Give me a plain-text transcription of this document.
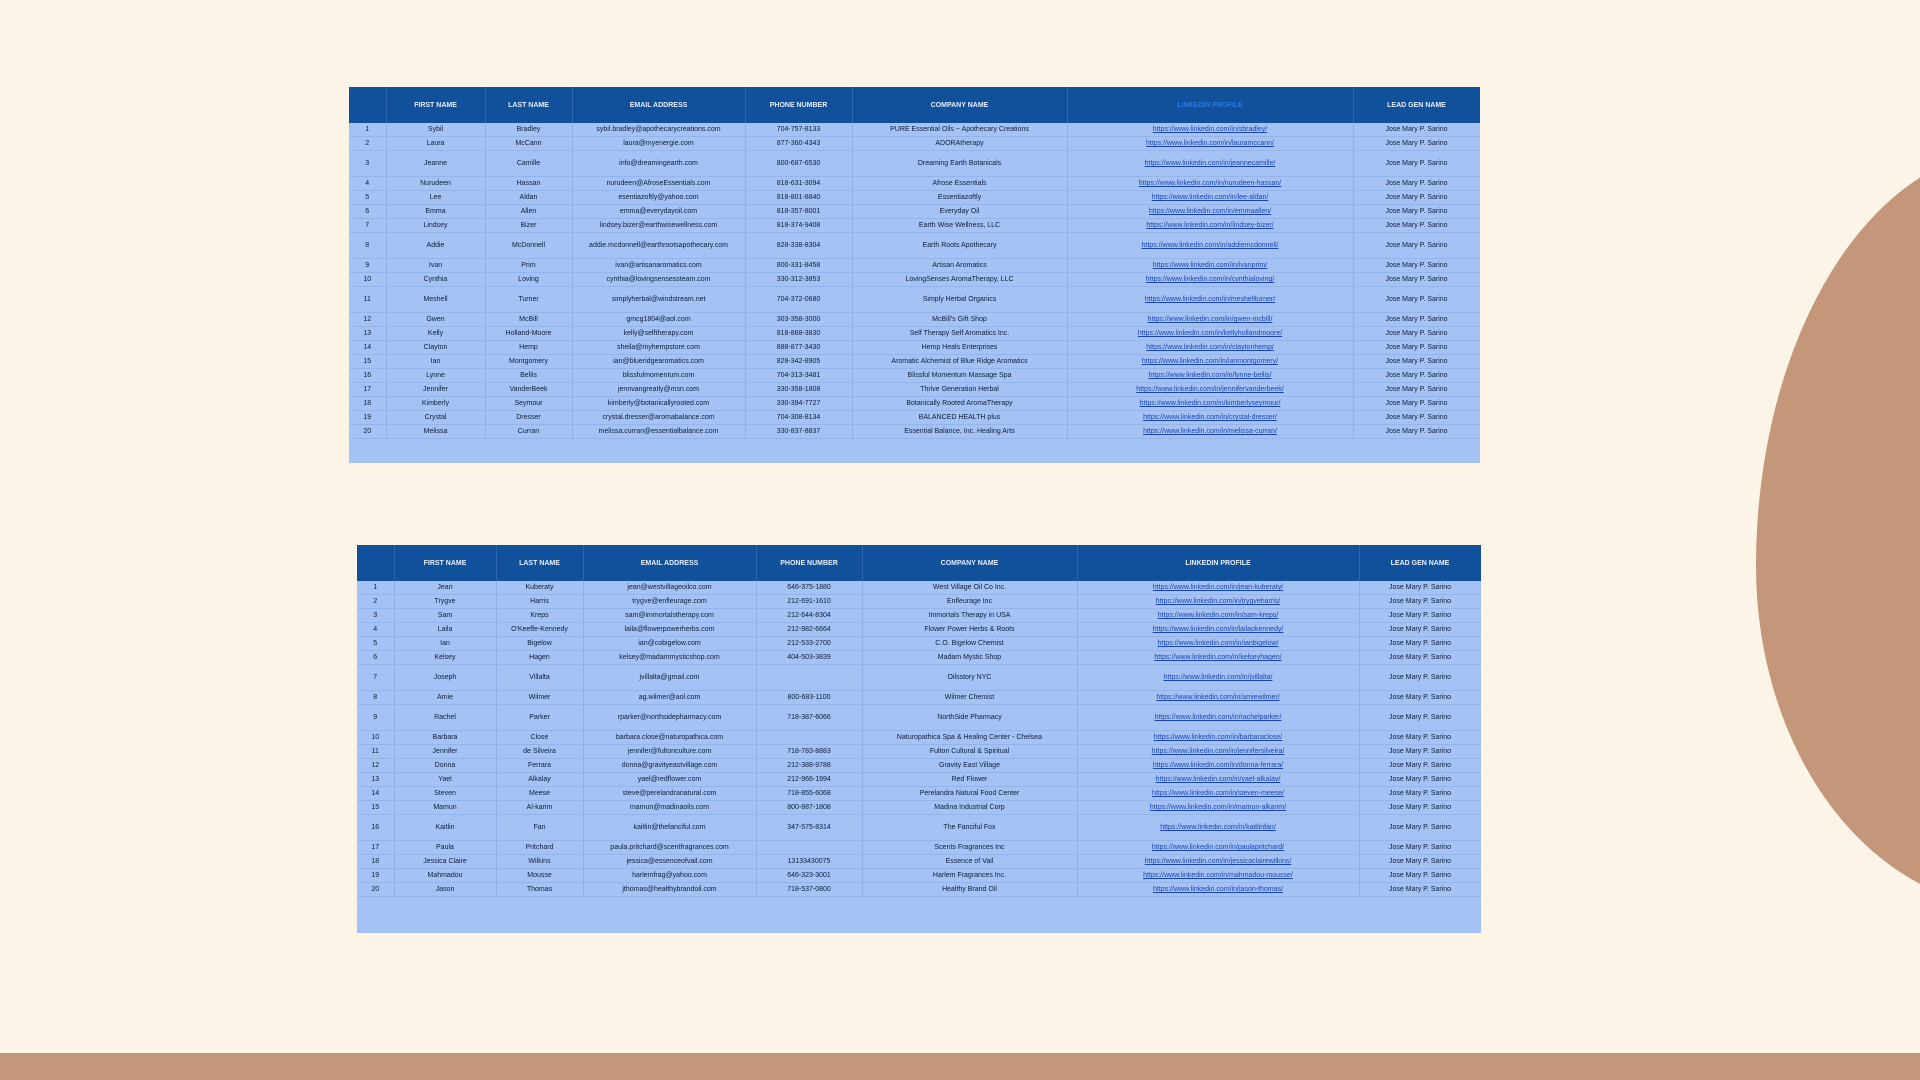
	FIRST NAME	LAST NAME	EMAIL ADDRESS	PHONE NUMBER	COMPANY NAME	LINKEDIN PROFILE	LEAD GEN NAME
1	Sybil	Bradley	sybil.bradley@apothecarycreations.com	704-757-8133	PURE Essential Oils ~ Apothecary Creations	https://www.linkedin.com/in/sbradley/	Jose Mary P. Sarino
2	Laura	McCann	laura@myenergie.com	877-360-4343	ADORAtherapy	https://www.linkedin.com/in/lauramccann/	Jose Mary P. Sarino
3	Jeanne	Camille	info@dreamingearth.com	800-687-6530	Dreaming Earth Botanicals	https://www.linkedin.com/in/jeannecamille/	Jose Mary P. Sarino
4	Nurudeen	Hassan	nurudeen@AfroseEssentials.com	818-631-3094	Afrose Essentials	https://www.linkedin.com/in/nurudeen-hassan/	Jose Mary P. Sarino
5	Lee	Aldan	esentiazoftly@yahoo.com	818-801-8840	Essentiazoftly	https://www.linkedin.com/in/lee-aldan/	Jose Mary P. Sarino
6	Emma	Allen	emma@everydayoil.com	818-357-8001	Everyday Oil	https://www.linkedin.com/in/emmaallen/	Jose Mary P. Sarino
7	Lindsey	Bizer	lindsey.bizer@earthwisewellness.com	818-374-9408	Earth Wise Wellness, LLC	https://www.linkedin.com/in/lindsey-bizer/	Jose Mary P. Sarino
8	Addie	McDonnell	addie.mcdonnell@earthrootsapothecary.com	828-338-8304	Earth Roots Apothecary	https://www.linkedin.com/in/addiemcdonnell/	Jose Mary P. Sarino
9	Ivan	Prim	ivan@artisanaromatics.com	800-331-8458	Artisan Aromatics	https://www.linkedin.com/in/ivanprim/	Jose Mary P. Sarino
10	Cynthia	Loving	cynthia@lovingsensessteam.com	330-312-3853	LovingSenses AromaTherapy, LLC	https://www.linkedin.com/in/cynthialoving/	Jose Mary P. Sarino
11	Meshell	Turner	simplyherbal@windstream.net	704-372-0680	Simply Herbal Organics	https://www.linkedin.com/in/meshellturner/	Jose Mary P. Sarino
12	Gwen	McBill	gmcg1804@aol.com	303-358-3000	McBill's Gift Shop	https://www.linkedin.com/in/gwen-mcbill/	Jose Mary P. Sarino
13	Kelly	Holland-Moore	kelly@selftherapy.com	818-868-3830	Self Therapy Self Aromatics Inc.	https://www.linkedin.com/in/kellyhollandmoore/	Jose Mary P. Sarino
14	Clayton	Hemp	sheila@myhempstore.com	888-877-3430	Hemp Heals Enterprises	https://www.linkedin.com/in/claytonhemp/	Jose Mary P. Sarino
15	Ian	Montgomery	ian@blueridgearomatics.com	828-342-8905	Aromatic Alchemist of Blue Ridge Aromatics	https://www.linkedin.com/in/ianmontgomery/	Jose Mary P. Sarino
16	Lynne	Bellis	blissfulmomentum.com	704-313-3481	Blissful Momentum Massage Spa	https://www.linkedin.com/in/lynne-bellis/	Jose Mary P. Sarino
17	Jennifer	VanderBeek	jennvangreatly@msn.com	330-358-1808	Thrive Generation Herbal	https://www.linkedin.com/in/jennifervanderbeek/	Jose Mary P. Sarino
18	Kimberly	Seymour	kimberly@botanicallyrooted.com	330-394-7727	Botanically Rooted AromaTherapy	https://www.linkedin.com/in/kimberlyseymour/	Jose Mary P. Sarino
19	Crystal	Dresser	crystal.dresser@aromabalance.com	704-308-8134	BALANCED HEALTH plus	https://www.linkedin.com/in/crystal-dresser/	Jose Mary P. Sarino
20	Melissa	Curran	melissa.curran@essentialbalance.com	330-837-8837	Essential Balance, Inc. Healing Arts	https://www.linkedin.com/in/melissa-curran/	Jose Mary P. Sarino
	FIRST NAME	LAST NAME	EMAIL ADDRESS	PHONE NUMBER	COMPANY NAME	LINKEDIN PROFILE	LEAD GEN NAME
1	Jean	Kuberaty	jean@westvillageoilco.com	646-375-1880	West Village Oil Co Inc.	https://www.linkedin.com/in/jean-kuberaty/	Jose Mary P. Sarino
2	Trygve	Harris	trygve@enfleurage.com	212-691-1610	Enfleurage Inc	https://www.linkedin.com/in/trygveharris/	Jose Mary P. Sarino
3	Sam	Kreps	sam@immortalstherapy.com	212-644-8304	Immortals Therapy in USA	https://www.linkedin.com/in/sam-kreps/	Jose Mary P. Sarino
4	Laila	O'Keeffe-Kennedy	laila@flowerpowerherbs.com	212-982-6664	Flower Power Herbs & Roots	https://www.linkedin.com/in/lailaokennedy/	Jose Mary P. Sarino
5	Ian	Bigelow	ian@cobigelow.com	212-533-2700	C.O. Bigelow Chemist	https://www.linkedin.com/in/ianbigelow/	Jose Mary P. Sarino
6	Kelsey	Hagen	kelsey@madammysticshop.com	404-503-3839	Madam Mystic Shop	https://www.linkedin.com/in/kelseyhagen/	Jose Mary P. Sarino
7	Joseph	Villalta	jvillalta@gmail.com		Oilsstory NYC	https://www.linkedin.com/in/jvillalta/	Jose Mary P. Sarino
8	Amie	Wilmer	ag.wilmer@aol.com	800-683-1100	Wilmer Chemist	https://www.linkedin.com/in/amiewilmer/	Jose Mary P. Sarino
9	Rachel	Parker	rparker@northsidepharmacy.com	718-387-6066	NorthSide Pharmacy	https://www.linkedin.com/in/rachelparker/	Jose Mary P. Sarino
10	Barbara	Close	barbara.close@naturopathica.com		Naturopathica Spa & Healing Center - Chelsea	https://www.linkedin.com/in/barbaraclose/	Jose Mary P. Sarino
11	Jennifer	de Silveira	jennifer@fultonculture.com	718-783-8883	Fulton Cultural & Spiritual	https://www.linkedin.com/in/jennifersilveira/	Jose Mary P. Sarino
12	Donna	Ferrara	donna@gravityeastvillage.com	212-388-9788	Gravity East Village	https://www.linkedin.com/in/donna-ferrara/	Jose Mary P. Sarino
13	Yael	Alkalay	yael@redflower.com	212-966-1994	Red Flower	https://www.linkedin.com/in/yael-alkalay/	Jose Mary P. Sarino
14	Steven	Meese	steve@perelandranatural.com	718-855-6068	Perelandra Natural Food Center	https://www.linkedin.com/in/steven-meese/	Jose Mary P. Sarino
15	Mamun	Al-karim	mamun@madinaoils.com	800-887-1808	Madina Industrial Corp	https://www.linkedin.com/in/mamun-alkarim/	Jose Mary P. Sarino
16	Kaitlin	Fan	kaitlin@thefanciful.com	347-575-8314	The Fanciful Fox	https://www.linkedin.com/in/kaitlinfan/	Jose Mary P. Sarino
17	Paula	Pritchard	paula.pritchard@scentfragrances.com		Scents Fragrances Inc	https://www.linkedin.com/in/paulapritchard/	Jose Mary P. Sarino
18	Jessica Claire	Wilkins	jessica@essenceofvail.com	13133430075	Essence of Vail	https://www.linkedin.com/in/jessicaclairewilkins/	Jose Mary P. Sarino
19	Mahmadou	Mousse	harlemfrag@yahoo.com	646-323-3001	Harlem Fragrances Inc.	https://www.linkedin.com/in/mahmadou-mousse/	Jose Mary P. Sarino
20	Jason	Thomas	jthomas@healthybrandoil.com	718-537-0800	Healthy Brand Oil	https://www.linkedin.com/in/jason-thomas/	Jose Mary P. Sarino
